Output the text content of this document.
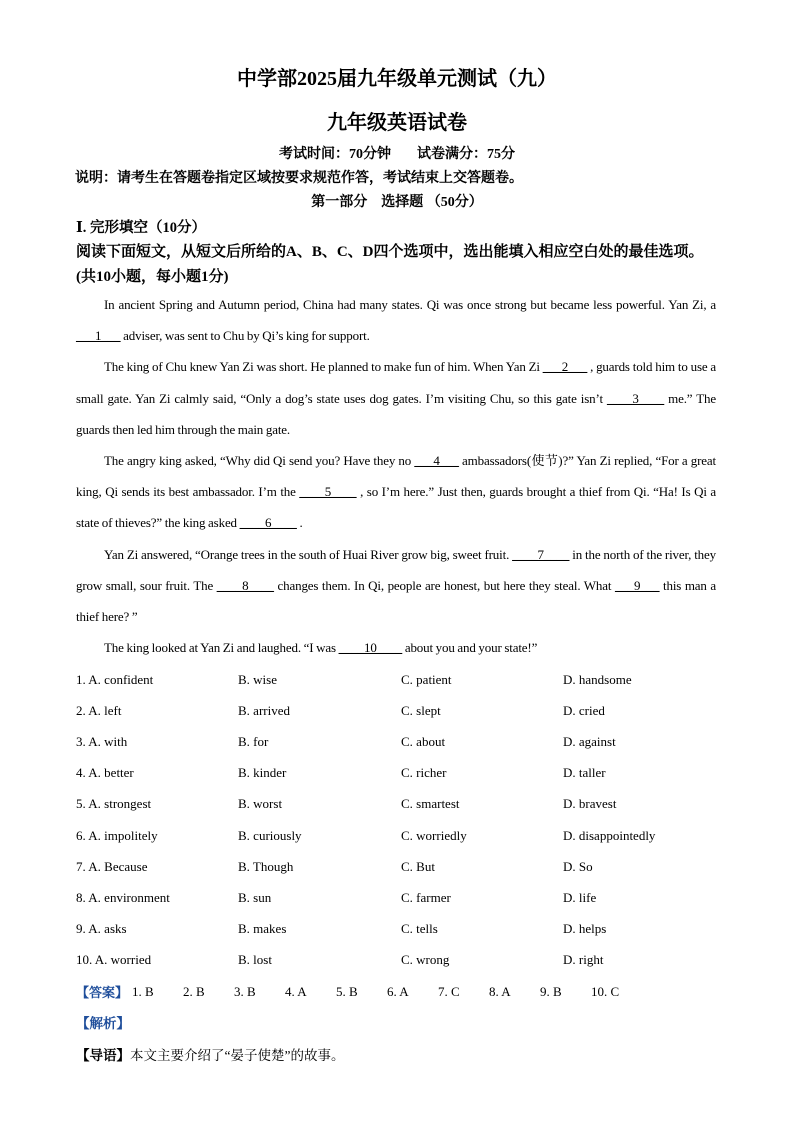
中学部2025届九年级单元测试（九）
九年级英语试卷
考试时间：70分钟 试卷满分：75分
说明：请考生在答题卷指定区域按要求规范作答，考试结束上交答题卷。
第一部分　选择题 （50分）
Ⅰ. 完形填空（10分）
阅读下面短文，从短文后所给的A、B、C、D四个选项中，选出能填入相应空白处的最佳选项。(共10小题，每小题1分)

In ancient Spring and Autumn period, China had many states. Qi was once strong but became less powerful. Yan Zi, a ___1___ adviser, was sent to Chu by Qi’s king for support.

The king of Chu knew Yan Zi was short. He planned to make fun of him. When Yan Zi ___2___ , guards told him to use a small gate. Yan Zi calmly said, “Only a dog’s state uses dog gates. I’m visiting Chu, so this gate isn’t ____3____ me.” The guards then led him through the main gate.

The angry king asked, “Why did Qi send you? Have they no ___4___ ambassadors(使节)?” Yan Zi replied, “For a great king, Qi sends its best ambassador. I’m the ____5____ , so I’m here.” Just then, guards brought a thief from Qi. “Ha! Is Qi a state of thieves?” the king asked ____6____ .

Yan Zi answered, “Orange trees in the south of Huai River grow big, sweet fruit. ____7____ in the north of the river, they grow small, sour fruit. The ____8____ changes them. In Qi, people are honest, but here they steal. What ___9___ this man a thief here? ”

The king looked at Yan Zi and laughed. “I was ____10____ about you and your state!”

1. A. confident	B. wise	C. patient	D. handsome
2. A. left	B. arrived	C. slept	D. cried
3. A. with	B. for	C. about	D. against
4. A. better	B. kinder	C. richer	D. taller
5. A. strongest	B. worst	C. smartest	D. bravest
6. A. impolitely	B. curiously	C. worriedly	D. disappointedly
7. A. Because	B. Though	C. But	D. So
8. A. environment	B. sun	C. farmer	D. life
9. A. asks	B. makes	C. tells	D. helps
10. A. worried	B. lost	C. wrong	D. right
【答案】 1. B	2. B	3. B	4. A	5. B	6. A	7. C	8. A	9. B	10. C
【解析】
【导语】本文主要介绍了“晏子使楚”的故事。
